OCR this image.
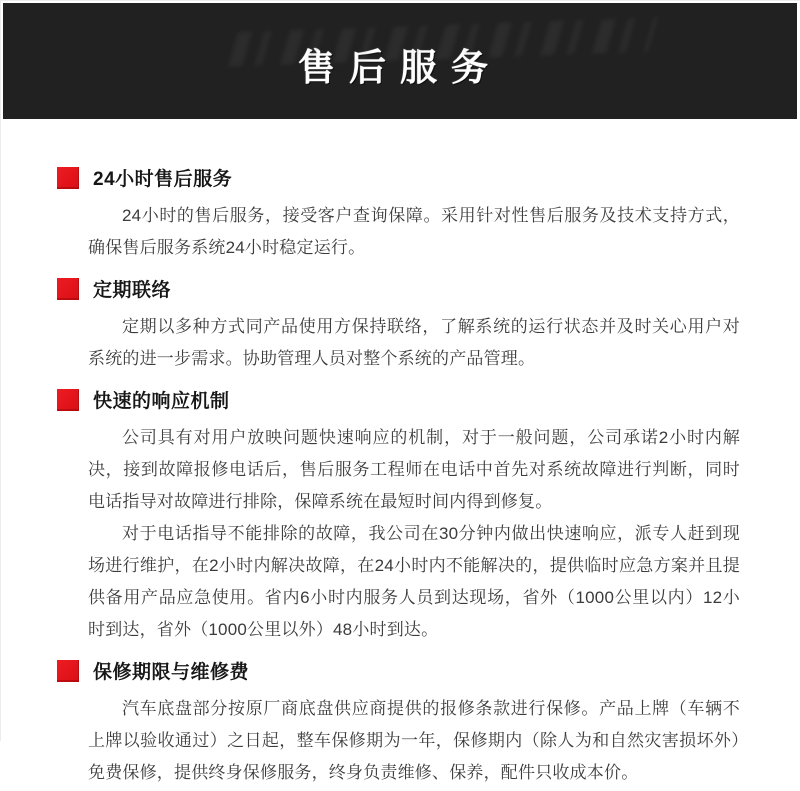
售后服务
24小时售后服务

24小时的售后服务，接受客户查询保障。采用针对性售后服务及技术支持方式，确保售后服务系统24小时稳定运行。

定期联络

定期以多种方式同产品使用方保持联络，了解系统的运行状态并及时关心用户对系统的进一步需求。协助管理人员对整个系统的产品管理。

快速的响应机制

公司具有对用户放映问题快速响应的机制，对于一般问题，公司承诺2小时内解决，接到故障报修电话后，售后服务工程师在电话中首先对系统故障进行判断，同时电话指导对故障进行排除，保障系统在最短时间内得到修复。

对于电话指导不能排除的故障，我公司在30分钟内做出快速响应，派专人赶到现场进行维护，在2小时内解决故障，在24小时内不能解决的，提供临时应急方案并且提供备用产品应急使用。省内6小时内服务人员到达现场，省外（1000公里以内）12小时到达，省外（1000公里以外）48小时到达。

保修期限与维修费

汽车底盘部分按原厂商底盘供应商提供的报修条款进行保修。产品上牌（车辆不上牌以验收通过）之日起，整车保修期为一年，保修期内（除人为和自然灾害损坏外）免费保修，提供终身保修服务，终身负责维修、保养，配件只收成本价。
